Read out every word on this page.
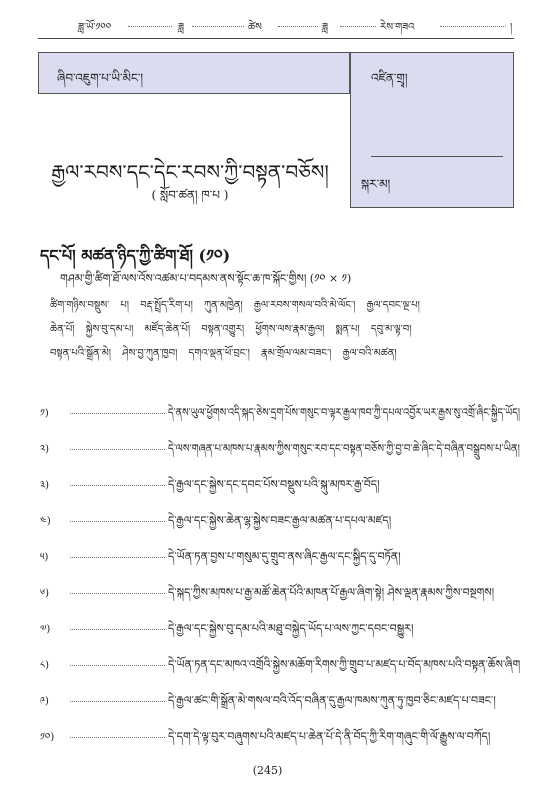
ཟླ་ཡོ་༡༠༠	ཟླ	ཚེས	ཟླ	རེས་གཟའ	།
ཞིབ་འཇུག་པ་ཡི་མིང་།	འཛིན་གྲྭ།
སྐར་མ།
རྒྱལ་རབས་དང་དེང་རབས་ཀྱི་བསྟན་བཅོས།
( སློབ་ཚན། ཁ་པ )
དང་པོ། མཚན་ཉིད་ཀྱི་ཚིག་ཐོ། (༡༠)
གཤམ་གྱི་ཚིག་ཐོ་ལས་འོས་འཚམ་པ་བདམས་ནས་སྟོང་ཆ་ཁ་སྐོང་གྱིས། (༡༠ × ༡)
ཚིག་གཉིས་བསྡུས་ པ། བརྡ་སྤྲོད་རིག་པ། ཀུན་མཁྱེན། རྒྱལ་རབས་གསལ་བའི་མེ་ལོང་། རྒྱལ་དབང་ལྔ་པ།
ཆེན་པོ། སྐྱེས་བུ་དམ་པ། མཛོད་ཆེན་པོ། བསྟན་འགྱུར། ཕྱོགས་ལས་རྣམ་རྒྱལ། སྨན་པ། དབུ་མ་ལྟ་བ།
བསྟན་པའི་སྒྲོན་མེ། ཤེས་བྱ་ཀུན་ཁྱབ། དགའ་ལྡན་ཕོ་བྲང་། རྣམ་གྲོལ་ལམ་བཟང་། རྒྱལ་བའི་མཚན།
༡)	དེ་ནས་ཡུལ་ཕྱོགས་འདི་སྐད་ཅེས་དྲག་པོས་གསུང་བ་ལྟར་རྒྱལ་ཁབ་ཀྱི་དཔལ་འབྱོར་ཡར་རྒྱས་སུ་འགྲོ་ཞིང་སྐྱིད་ཡོད།
༢)	དེ་ལས་གཞན་པ་མཁས་པ་རྣམས་ཀྱིས་གསུང་རབ་དང་བསྟན་བཅོས་ཀྱི་བྱ་བ་ཆེ་ཞིང་དེ་བཞིན་བསྒྲུབས་པ་ཡིན།
༣)	དེ་རྒྱལ་དང་སྐྱེས་དང་དབང་པོས་བསྡུས་པའི་སྐུ་མཁར་རྒྱ་བོད།
༤)	དེ་རྒྱལ་དང་སྐྱེས་ཆེན་ལྷ་སྐྱེས་བཟང་རྒྱལ་མཚན་པ་དཔལ་མཛད།
༥)	དེ་ཡོན་ཏན་བྱས་པ་གསུམ་དུ་གྲུབ་ནས་ཞིང་རྒྱལ་དང་སྐྱིད་དུ་བཏོན།
༦)	དེ་སྐད་ཀྱིས་མཁས་པ་རྒྱ་མཚོ་ཆེན་པོའི་མཁན་པོ་རྒྱལ་ཞིག་སྟེ། ཤེས་ལྡན་རྣམས་ཀྱིས་བསྔགས།
༧)	དེ་རྒྱལ་དང་སྐྱེས་བུ་དམ་པའི་མཐུ་བསྐྱེད་ཡོད་པ་ལས་ཀྱང་དབང་བསྒྱུར།
༨)	དེ་ཡོན་ཏན་དང་མཁའ་འགྲོའི་སྐྱེས་མཆོག་རིགས་ཀྱི་གྲུབ་པ་མཛད་པ་བོད་མཁས་པའི་བསྟན་ཆོས་ཞིག
༩)	དེ་རྒྱལ་ཚང་གི་སྒྲོན་མེ་གསལ་བའི་འོད་བཞིན་དུ་རྒྱལ་ཁམས་ཀུན་ཏུ་ཁྱབ་ཅིང་མཛད་པ་བཟང་།
༡༠)	དེ་དག་དེ་ལྟ་བུར་བཞུགས་པའི་མཛད་པ་ཆེན་པོ་དེ་ནི་བོད་ཀྱི་རིག་གཞུང་གི་ལོ་རྒྱུས་ལ་བཀོད།
(245)
